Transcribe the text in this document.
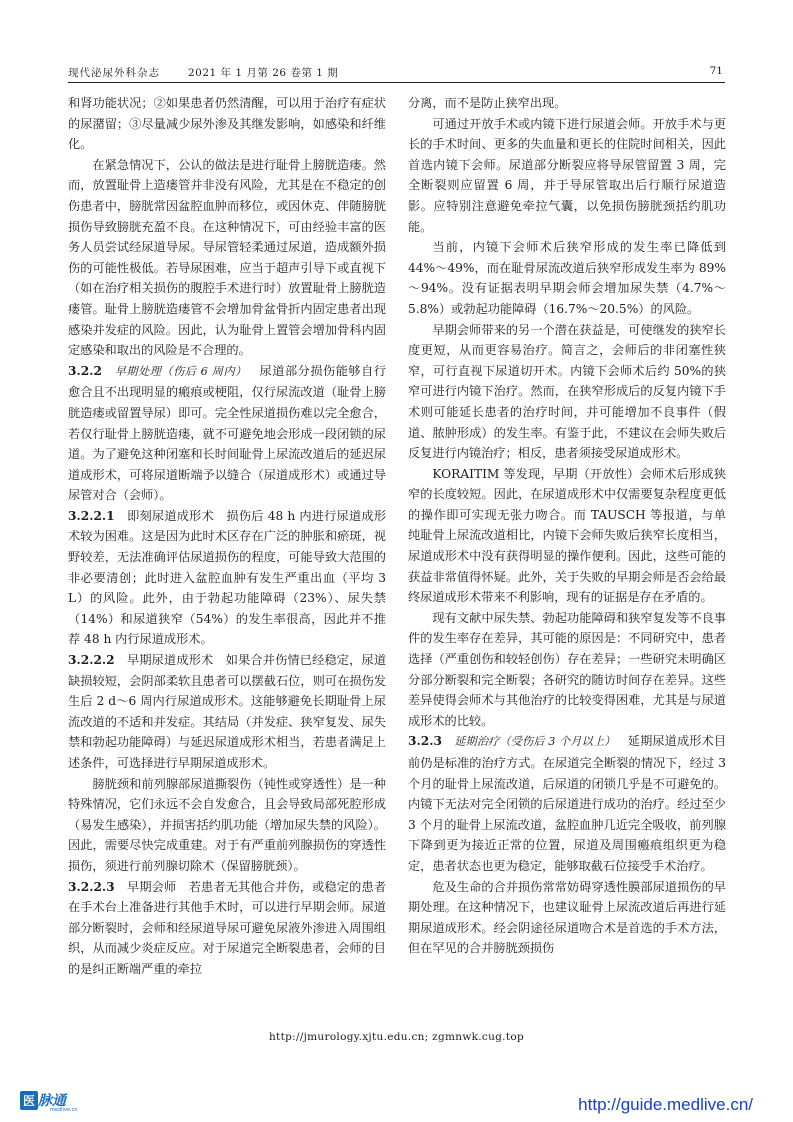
现代泌尿外科杂志	2021 年 1 月第 26 卷第 1 期	71

和肾功能状况；②如果患者仍然清醒，可以用于治疗有症状的尿潴留；③尽量减少尿外渗及其继发影响，如感染和纤维化。

在紧急情况下，公认的做法是进行耻骨上膀胱造瘘。然而，放置耻骨上造瘘管并非没有风险，尤其是在不稳定的创伤患者中，膀胱常因盆腔血肿而移位，或因休克、伴随膀胱损伤导致膀胱充盈不良。在这种情况下，可由经验丰富的医务人员尝试经尿道导尿。导尿管轻柔通过尿道，造成额外损伤的可能性极低。若导尿困难，应当于超声引导下或直视下（如在治疗相关损伤的腹腔手术进行时）放置耻骨上膀胱造瘘管。耻骨上膀胱造瘘管不会增加骨盆骨折内固定患者出现感染并发症的风险。因此，认为耻骨上置管会增加骨科内固定感染和取出的风险是不合理的。

3.2.2  早期处理（伤后 6 周内）  尿道部分损伤能够自行愈合且不出现明显的瘢痕或梗阻，仅行尿流改道（耻骨上膀胱造瘘或留置导尿）即可。完全性尿道损伤难以完全愈合，若仅行耻骨上膀胱造瘘，就不可避免地会形成一段闭锁的尿道。为了避免这种闭塞和长时间耻骨上尿流改道后的延迟尿道成形术，可将尿道断端予以缝合（尿道成形术）或通过导尿管对合（会师）。

3.2.2.1  即刻尿道成形术  损伤后 48 h 内进行尿道成形术较为困难。这是因为此时术区存在广泛的肿胀和瘀斑，视野较差，无法准确评估尿道损伤的程度，可能导致大范围的非必要清创；此时进入盆腔血肿有发生严重出血（平均 3 L）的风险。此外，由于勃起功能障碍（23%）、尿失禁（14%）和尿道狭窄（54%）的发生率很高，因此并不推荐 48 h 内行尿道成形术。

3.2.2.2  早期尿道成形术  如果合并伤情已经稳定，尿道缺损较短，会阴部柔软且患者可以摆截石位，则可在损伤发生后 2 d～6 周内行尿道成形术。这能够避免长期耻骨上尿流改道的不适和并发症。其结局（并发症、狭窄复发、尿失禁和勃起功能障碍）与延迟尿道成形术相当，若患者满足上述条件，可选择进行早期尿道成形术。

膀胱颈和前列腺部尿道撕裂伤（钝性或穿透性）是一种特殊情况，它们永远不会自发愈合，且会导致局部死腔形成（易发生感染），并损害括约肌功能（增加尿失禁的风险）。因此，需要尽快完成重建。对于有严重前列腺损伤的穿透性损伤，须进行前列腺切除术（保留膀胱颈）。

3.2.2.3  早期会师  若患者无其他合并伤，或稳定的患者在手术台上准备进行其他手术时，可以进行早期会师。尿道部分断裂时，会师和经尿道导尿可避免尿液外渗进入周围组织，从而减少炎症反应。对于尿道完全断裂患者，会师的目的是纠正断端严重的牵拉

分离，而不是防止狭窄出现。

可通过开放手术或内镜下进行尿道会师。开放手术与更长的手术时间、更多的失血量和更长的住院时间相关，因此首选内镜下会师。尿道部分断裂应将导尿管留置 3 周，完全断裂则应留置 6 周，并于导尿管取出后行顺行尿道造影。应特别注意避免牵拉气囊，以免损伤膀胱颈括约肌功能。

当前，内镜下会师术后狭窄形成的发生率已降低到 44%～49%，而在耻骨尿流改道后狭窄形成发生率为 89%～94%。没有证据表明早期会师会增加尿失禁（4.7%～5.8%）或勃起功能障碍（16.7%～20.5%）的风险。

早期会师带来的另一个潜在获益是，可使继发的狭窄长度更短，从而更容易治疗。简言之，会师后的非闭塞性狭窄，可行直视下尿道切开术。内镜下会师术后约 50%的狭窄可进行内镜下治疗。然而，在狭窄形成后的反复内镜下手术则可能延长患者的治疗时间，并可能增加不良事件（假道、脓肿形成）的发生率。有鉴于此，不建议在会师失败后反复进行内镜治疗；相反，患者须接受尿道成形术。

KORAITIM 等发现，早期（开放性）会师术后形成狭窄的长度较短。因此，在尿道成形术中仅需要复杂程度更低的操作即可实现无张力吻合。而 TAUSCH 等报道，与单纯耻骨上尿流改道相比，内镜下会师失败后狭窄长度相当，尿道成形术中没有获得明显的操作便利。因此，这些可能的获益非常值得怀疑。此外，关于失败的早期会师是否会给最终尿道成形术带来不利影响，现有的证据是存在矛盾的。

现有文献中尿失禁、勃起功能障碍和狭窄复发等不良事件的发生率存在差异，其可能的原因是：不同研究中，患者选择（严重创伤和较轻创伤）存在差异；一些研究未明确区分部分断裂和完全断裂；各研究的随访时间存在差异。这些差异使得会师术与其他治疗的比较变得困难，尤其是与尿道成形术的比较。

3.2.3  延期治疗（受伤后 3 个月以上）  延期尿道成形术目前仍是标准的治疗方式。在尿道完全断裂的情况下，经过 3 个月的耻骨上尿流改道，后尿道的闭锁几乎是不可避免的。内镜下无法对完全闭锁的后尿道进行成功的治疗。经过至少 3 个月的耻骨上尿流改道，盆腔血肿几近完全吸收，前列腺下降到更为接近正常的位置，尿道及周围瘢痕组织更为稳定，患者状态也更为稳定，能够取截石位接受手术治疗。

危及生命的合并损伤常常妨碍穿透性膜部尿道损伤的早期处理。在这种情况下，也建议耻骨上尿流改道后再进行延期尿道成形术。经会阴途径尿道吻合术是首选的手术方法，但在罕见的合并膀胱颈损伤

http://jmurology.xjtu.edu.cn; zgmnwk.cug.top
医 脉通
medlive.cn	http://guide.medlive.cn/
